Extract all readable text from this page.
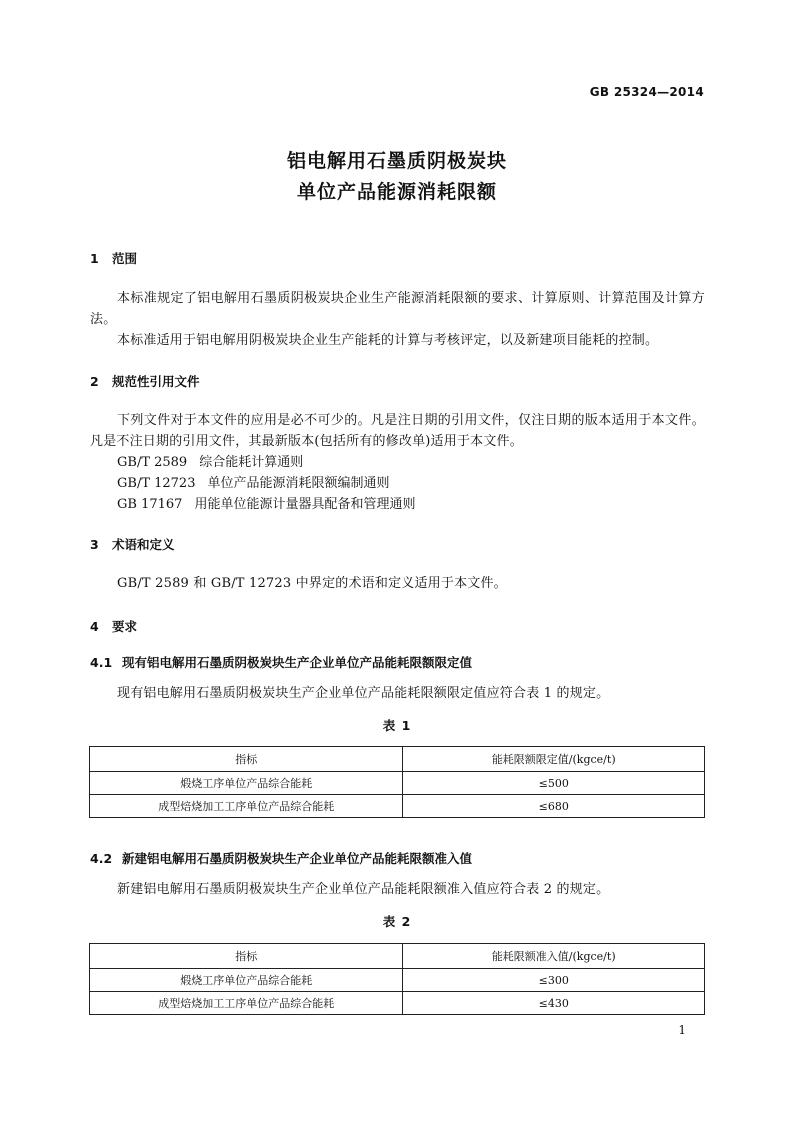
GB 25324—2014
铝电解用石墨质阴极炭块
单位产品能源消耗限额
1 范围
本标准规定了铝电解用石墨质阴极炭块企业生产能源消耗限额的要求、计算原则、计算范围及计算方法。
本标准适用于铝电解用阴极炭块企业生产能耗的计算与考核评定，以及新建项目能耗的控制。
2 规范性引用文件
下列文件对于本文件的应用是必不可少的。凡是注日期的引用文件，仅注日期的版本适用于本文件。凡是不注日期的引用文件，其最新版本(包括所有的修改单)适用于本文件。
GB/T 2589 综合能耗计算通则
GB/T 12723 单位产品能源消耗限额编制通则
GB 17167 用能单位能源计量器具配备和管理通则
3 术语和定义
GB/T 2589 和 GB/T 12723 中界定的术语和定义适用于本文件。
4 要求
4.1 现有铝电解用石墨质阴极炭块生产企业单位产品能耗限额限定值
现有铝电解用石墨质阴极炭块生产企业单位产品能耗限额限定值应符合表 1 的规定。
表 1
指标	能耗限额限定值/(kgce/t)
煅烧工序单位产品综合能耗	≤500
成型焙烧加工工序单位产品综合能耗	≤680
4.2 新建铝电解用石墨质阴极炭块生产企业单位产品能耗限额准入值
新建铝电解用石墨质阴极炭块生产企业单位产品能耗限额准入值应符合表 2 的规定。
表 2
指标	能耗限额准入值/(kgce/t)
煅烧工序单位产品综合能耗	≤300
成型焙烧加工工序单位产品综合能耗	≤430
1
